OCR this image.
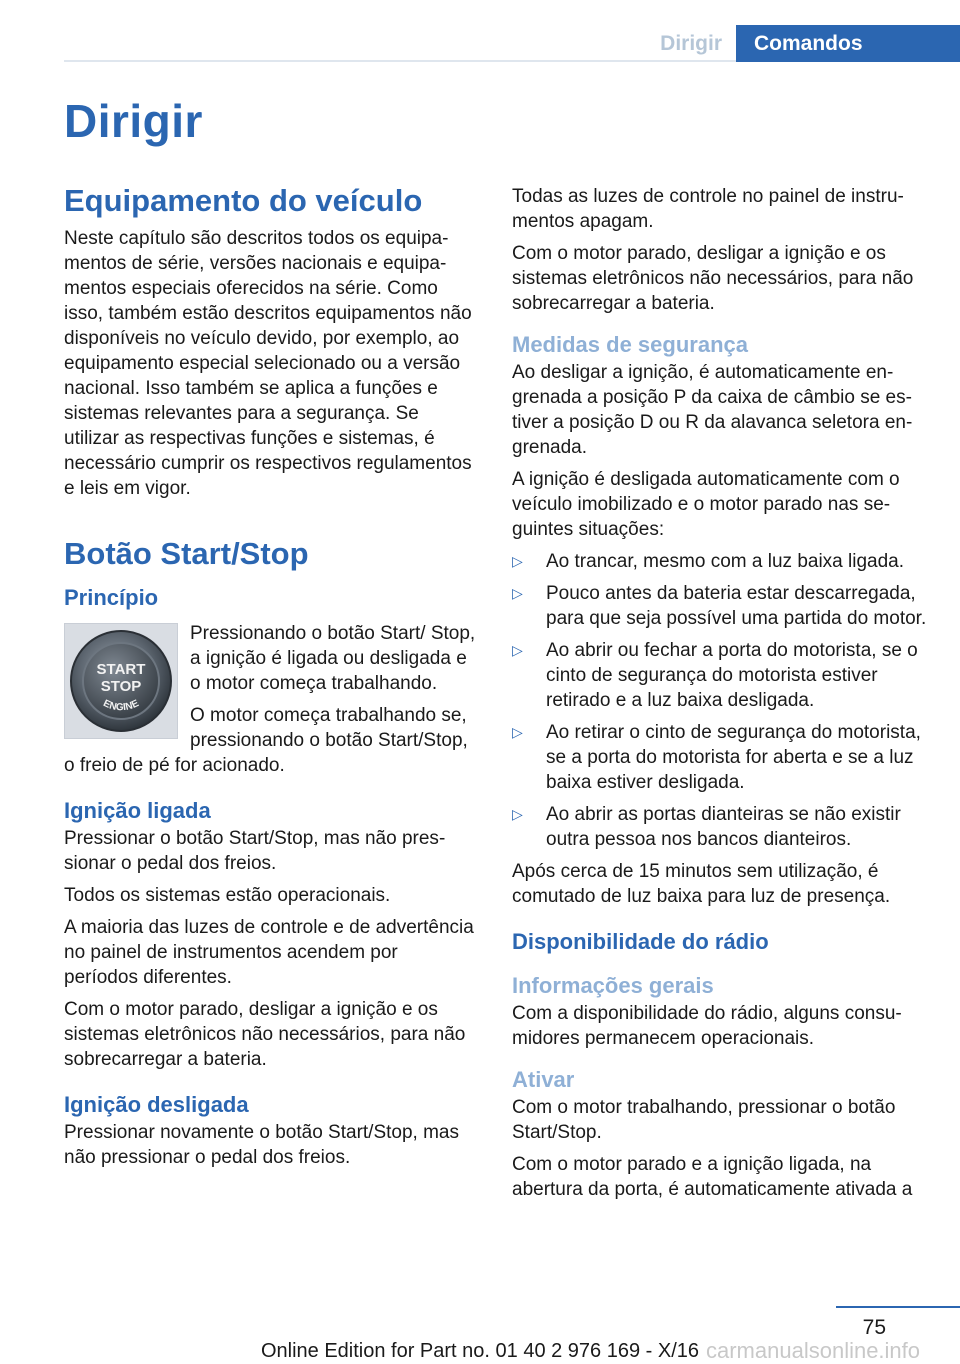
Dirigir	Comandos
Dirigir
Equipamento do veículo

Neste capítulo são descritos todos os equipamentos de série, versões nacionais e equipamentos especiais oferecidos na série. Como isso, também estão descritos equipamentos não disponíveis no veículo devido, por exemplo, ao equipamento especial selecionado ou a versão nacional. Isso também se aplica a funções e sistemas relevantes para a segurança. Se utilizar as respectivas funções e sistemas, é necessário cumprir os respectivos regulamentos e leis em vigor.

Botão Start/Stop
Princípio
START
STOP
ENGINE

Pressionando o botão Start/ Stop, a ignição é ligada ou desligada e o motor começa trabalhando.

O motor começa trabalhando se, pressionando o botão Start/Stop, o freio de pé for acionado.

Ignição ligada

Pressionar o botão Start/Stop, mas não pressionar o pedal dos freios.

Todos os sistemas estão operacionais.

A maioria das luzes de controle e de advertência no painel de instrumentos acendem por períodos diferentes.

Com o motor parado, desligar a ignição e os sistemas eletrônicos não necessários, para não sobrecarregar a bateria.

Ignição desligada

Pressionar novamente o botão Start/Stop, mas não pressionar o pedal dos freios.

Todas as luzes de controle no painel de instrumentos apagam.

Com o motor parado, desligar a ignição e os sistemas eletrônicos não necessários, para não sobrecarregar a bateria.

Medidas de segurança

Ao desligar a ignição, é automaticamente engrenada a posição P da caixa de câmbio se estiver a posição D ou R da alavanca seletora engrenada.

A ignição é desligada automaticamente com o veículo imobilizado e o motor parado nas seguintes situações:

▷ Ao trancar, mesmo com a luz baixa ligada.
▷ Pouco antes da bateria estar descarregada, para que seja possível uma partida do motor.
▷ Ao abrir ou fechar a porta do motorista, se o cinto de segurança do motorista estiver retirado e a luz baixa desligada.
▷ Ao retirar o cinto de segurança do motorista, se a porta do motorista for aberta e se a luz baixa estiver desligada.
▷ Ao abrir as portas dianteiras se não existir outra pessoa nos bancos dianteiros.

Após cerca de 15 minutos sem utilização, é comutado de luz baixa para luz de presença.

Disponibilidade do rádio
Informações gerais

Com a disponibilidade do rádio, alguns consumidores permanecem operacionais.

Ativar

Com o motor trabalhando, pressionar o botão Start/Stop.

Com o motor parado e a ignição ligada, na abertura da porta, é automaticamente ativada a

75
Online Edition for Part no. 01 40 2 976 169 - X/16 carmanualsonline.info
